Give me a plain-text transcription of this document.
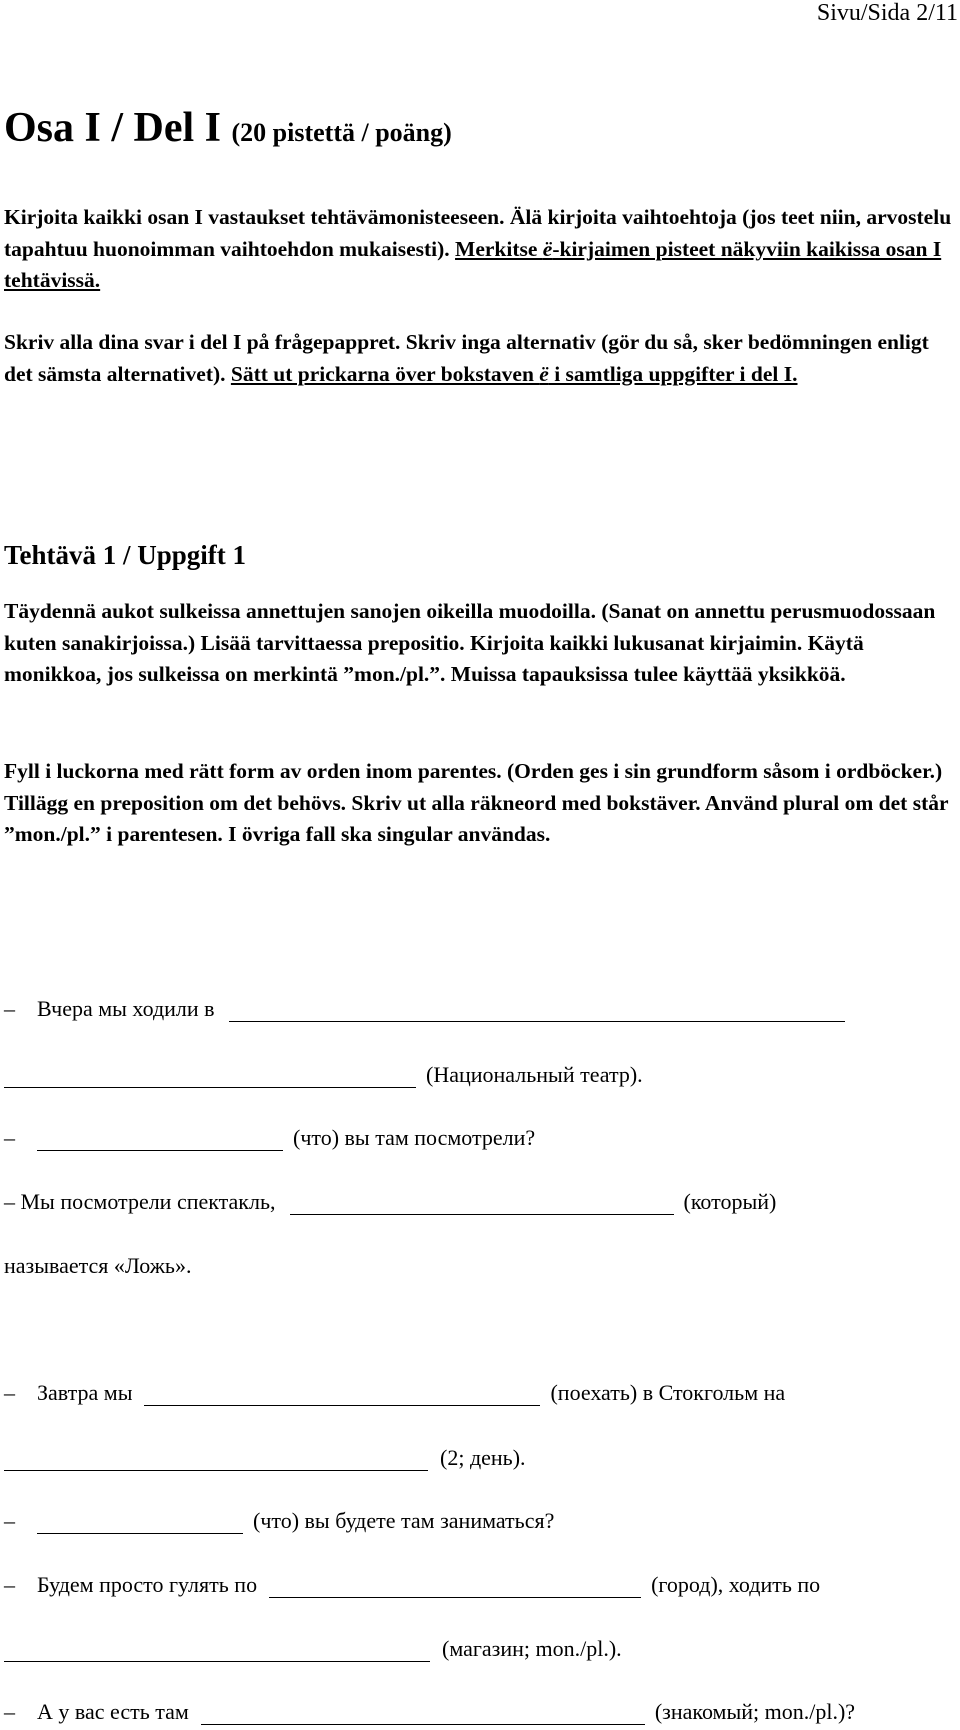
Sivu/Sida 2/11
Osa I / Del I (20 pistettä / poäng)

Kirjoita kaikki osan I vastaukset tehtävämonisteeseen. Älä kirjoita vaihtoehtoja (jos teet niin, arvostelu tapahtuu huonoimman vaihtoehdon mukaisesti). Merkitse ë-kirjaimen pisteet näkyviin kaikissa osan I tehtävissä.

Skriv alla dina svar i del I på frågepappret. Skriv inga alternativ (gör du så, sker bedömningen enligt det sämsta alternativet). Sätt ut prickarna över bokstaven ë i samtliga uppgifter i del I.

Tehtävä 1 / Uppgift 1

Täydennä aukot sulkeissa annettujen sanojen oikeilla muodoilla. (Sanat on annettu perusmuodossaan kuten sanakirjoissa.) Lisää tarvittaessa prepositio. Kirjoita kaikki lukusanat kirjaimin. Käytä monikkoa, jos sulkeissa on merkintä ”mon./pl.”. Muissa tapauksissa tulee käyttää yksikköä.

Fyll i luckorna med rätt form av orden inom parentes. (Orden ges i sin grundform såsom i ordböcker.) Tillägg en preposition om det behövs. Skriv ut alla räkneord med bokstäver. Använd plural om det står ”mon./pl.” i parentesen. I övriga fall ska singular användas.

– Вчера мы ходили в
(Национальный театр).
–	(что) вы там посмотрели?
– Мы посмотрели спектакль,	(который)
называется «Ложь».
– Завтра мы	(поехать) в Стокгольм на
(2; день).
–	(что) вы будете там заниматься?
– Будем просто гулять по	(город), ходить по
(магазин; mon./pl.).
– А у вас есть там	(знакомый; mon./pl.)?
